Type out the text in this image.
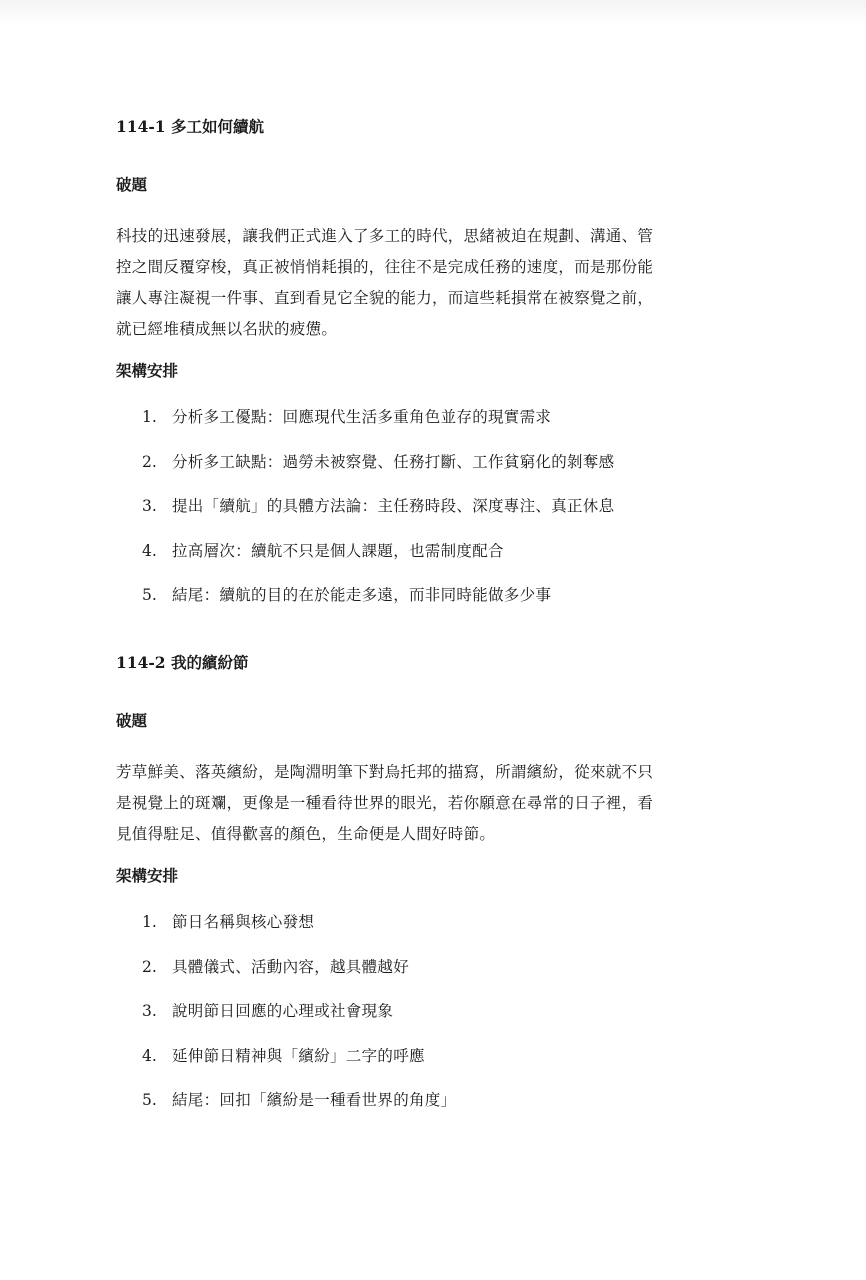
114-1 多工如何續航
破題

科技的迅速發展，讓我們正式進入了多工的時代，思緒被迫在規劃、溝通、管

控之間反覆穿梭，真正被悄悄耗損的，往往不是完成任務的速度，而是那份能

讓人專注凝視一件事、直到看見它全貌的能力，而這些耗損常在被察覺之前，

就已經堆積成無以名狀的疲憊。

架構安排
1. 分析多工優點：回應現代生活多重角色並存的現實需求
2. 分析多工缺點：過勞未被察覺、任務打斷、工作貧窮化的剝奪感
3. 提出「續航」的具體方法論：主任務時段、深度專注、真正休息
4. 拉高層次：續航不只是個人課題，也需制度配合
5. 結尾：續航的目的在於能走多遠，而非同時能做多少事
114-2 我的繽紛節
破題

芳草鮮美、落英繽紛，是陶淵明筆下對烏托邦的描寫，所謂繽紛，從來就不只

是視覺上的斑斕，更像是一種看待世界的眼光，若你願意在尋常的日子裡，看

見值得駐足、值得歡喜的顏色，生命便是人間好時節。

架構安排
1. 節日名稱與核心發想
2. 具體儀式、活動內容，越具體越好
3. 說明節日回應的心理或社會現象
4. 延伸節日精神與「繽紛」二字的呼應
5. 結尾：回扣「繽紛是一種看世界的角度」
